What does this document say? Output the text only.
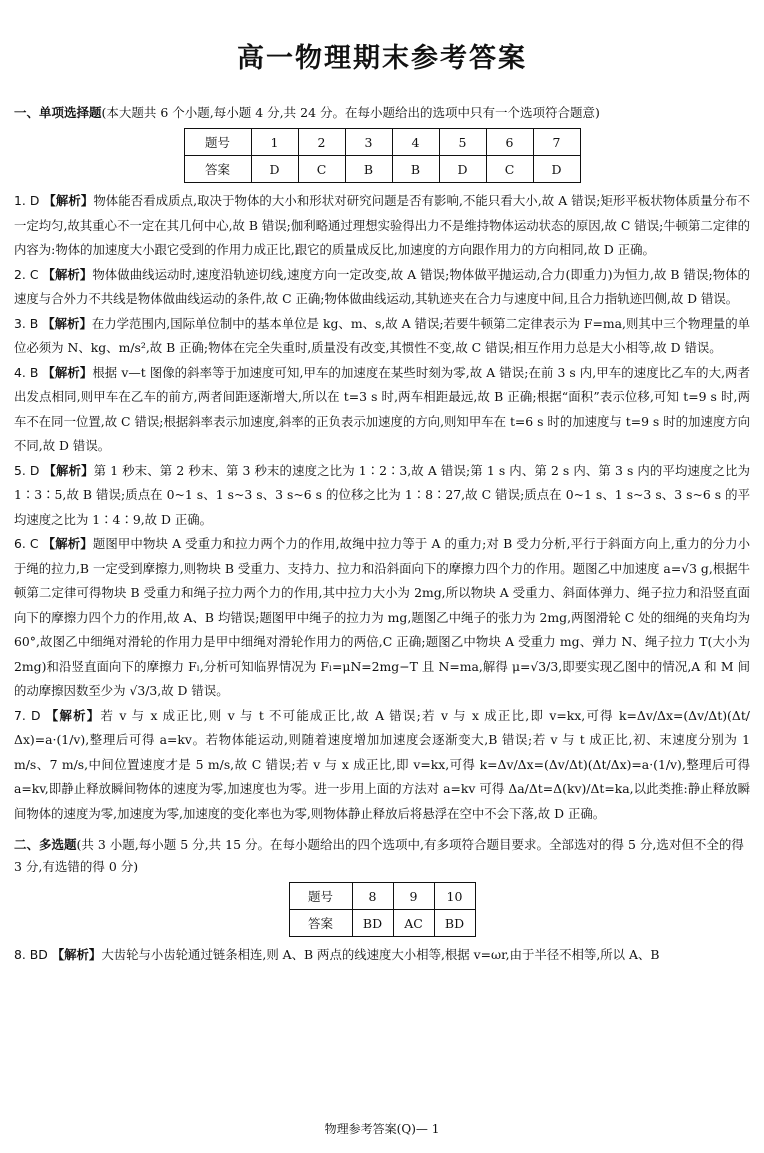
高一物理期末参考答案
一、单项选择题(本大题共 6 个小题,每小题 4 分,共 24 分。在每小题给出的选项中只有一个选项符合题意)
题号	1	2	3	4	5	6	7
答案	D	C	B	B	D	C	D

1. D 【解析】物体能否看成质点,取决于物体的大小和形状对研究问题是否有影响,不能只看大小,故 A 错误;矩形平板状物体质量分布不一定均匀,故其重心不一定在其几何中心,故 B 错误;伽利略通过理想实验得出力不是维持物体运动状态的原因,故 C 错误;牛顿第二定律的内容为:物体的加速度大小跟它受到的作用力成正比,跟它的质量成反比,加速度的方向跟作用力的方向相同,故 D 正确。

2. C 【解析】物体做曲线运动时,速度沿轨迹切线,速度方向一定改变,故 A 错误;物体做平抛运动,合力(即重力)为恒力,故 B 错误;物体的速度与合外力不共线是物体做曲线运动的条件,故 C 正确;物体做曲线运动,其轨迹夹在合力与速度中间,且合力指轨迹凹侧,故 D 错误。

3. B 【解析】在力学范围内,国际单位制中的基本单位是 kg、m、s,故 A 错误;若要牛顿第二定律表示为 F=ma,则其中三个物理量的单位必须为 N、kg、m/s²,故 B 正确;物体在完全失重时,质量没有改变,其惯性不变,故 C 错误;相互作用力总是大小相等,故 D 错误。

4. B 【解析】根据 v—t 图像的斜率等于加速度可知,甲车的加速度在某些时刻为零,故 A 错误;在前 3 s 内,甲车的速度比乙车的大,两者出发点相同,则甲车在乙车的前方,两者间距逐渐增大,所以在 t=3 s 时,两车相距最远,故 B 正确;根据“面积”表示位移,可知 t=9 s 时,两车不在同一位置,故 C 错误;根据斜率表示加速度,斜率的正负表示加速度的方向,则知甲车在 t=6 s 时的加速度与 t=9 s 时的加速度方向不同,故 D 错误。

5. D 【解析】第 1 秒末、第 2 秒末、第 3 秒末的速度之比为 1∶2∶3,故 A 错误;第 1 s 内、第 2 s 内、第 3 s 内的平均速度之比为 1∶3∶5,故 B 错误;质点在 0~1 s、1 s~3 s、3 s~6 s 的位移之比为 1∶8∶27,故 C 错误;质点在 0~1 s、1 s~3 s、3 s~6 s 的平均速度之比为 1∶4∶9,故 D 正确。

6. C 【解析】题图甲中物块 A 受重力和拉力两个力的作用,故绳中拉力等于 A 的重力;对 B 受力分析,平行于斜面方向上,重力的分力小于绳的拉力,B 一定受到摩擦力,则物块 B 受重力、支持力、拉力和沿斜面向下的摩擦力四个力的作用。题图乙中加速度 a=√3 g,根据牛顿第二定律可得物块 B 受重力和绳子拉力两个力的作用,其中拉力大小为 2mg,所以物块 A 受重力、斜面体弹力、绳子拉力和沿竖直面向下的摩擦力四个力的作用,故 A、B 均错误;题图甲中绳子的拉力为 mg,题图乙中绳子的张力为 2mg,两图滑轮 C 处的细绳的夹角均为 60°,故图乙中细绳对滑轮的作用力是甲中细绳对滑轮作用力的两倍,C 正确;题图乙中物块 A 受重力 mg、弹力 N、绳子拉力 T(大小为 2mg)和沿竖直面向下的摩擦力 Fₗ,分析可知临界情况为 Fₗ=μN=2mg−T 且 N=ma,解得 μ=√3/3,即要实现乙图中的情况,A 和 M 间的动摩擦因数至少为 √3/3,故 D 错误。

7. D 【解析】若 v 与 x 成正比,则 v 与 t 不可能成正比,故 A 错误;若 v 与 x 成正比,即 v=kx,可得 k=Δv/Δx=(Δv/Δt)(Δt/Δx)=a·(1/v),整理后可得 a=kv。若物体能运动,则随着速度增加加速度会逐渐变大,B 错误;若 v 与 t 成正比,初、末速度分别为 1 m/s、7 m/s,中间位置速度才是 5 m/s,故 C 错误;若 v 与 x 成正比,即 v=kx,可得 k=Δv/Δx=(Δv/Δt)(Δt/Δx)=a·(1/v),整理后可得 a=kv,即静止释放瞬间物体的速度为零,加速度也为零。进一步用上面的方法对 a=kv 可得 Δa/Δt=Δ(kv)/Δt=ka,以此类推:静止释放瞬间物体的速度为零,加速度为零,加速度的变化率也为零,则物体静止释放后将悬浮在空中不会下落,故 D 正确。

二、多选题(共 3 小题,每小题 5 分,共 15 分。在每小题给出的四个选项中,有多项符合题目要求。全部选对的得 5 分,选对但不全的得 3 分,有选错的得 0 分)
题号	8	9	10
答案	BD	AC	BD

8. BD 【解析】大齿轮与小齿轮通过链条相连,则 A、B 两点的线速度大小相等,根据 v=ωr,由于半径不相等,所以 A、B

物理参考答案(Q)— 1
